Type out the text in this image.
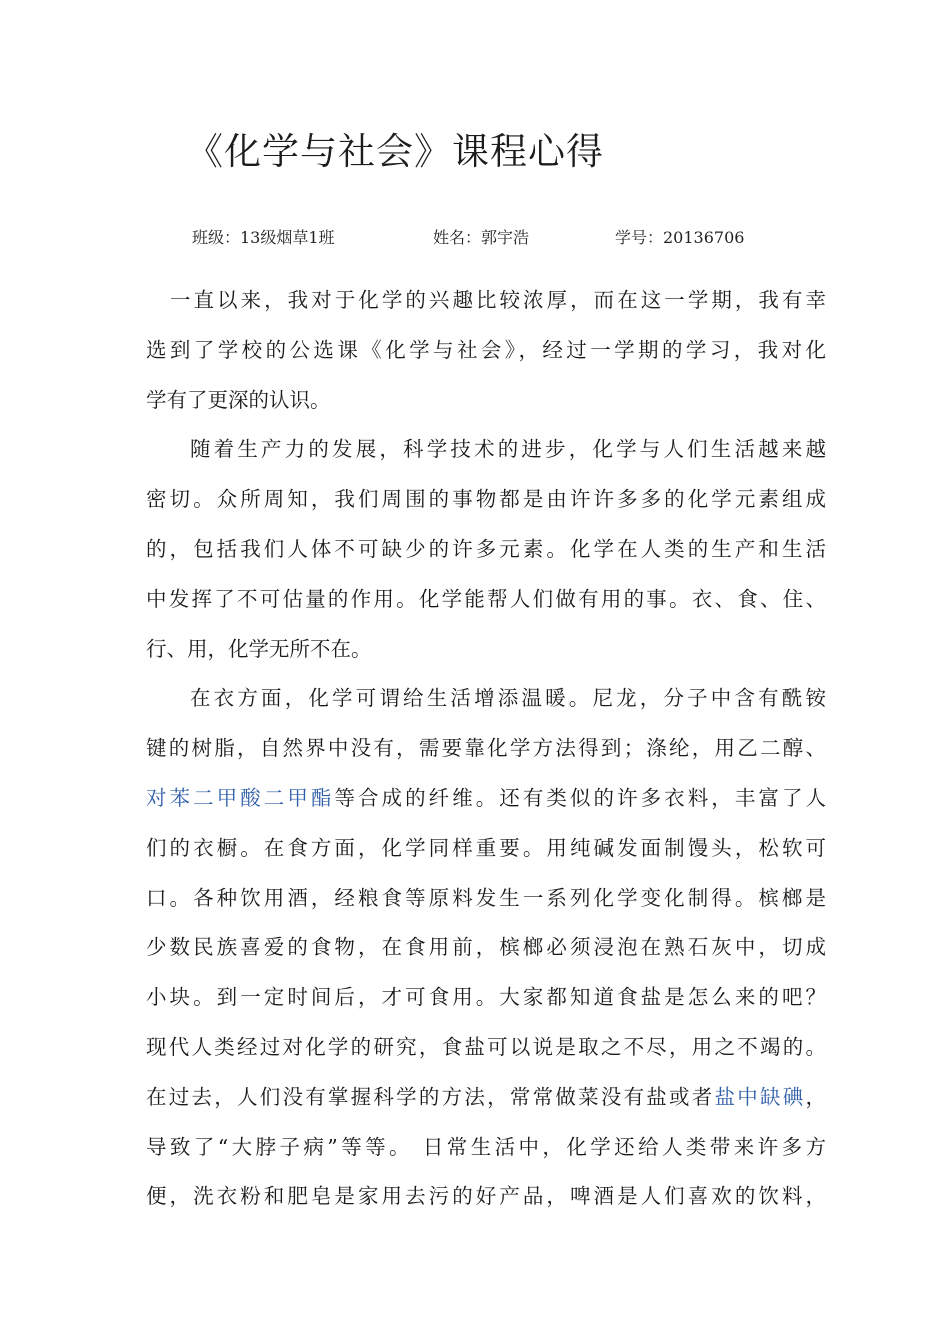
《化学与社会》课程心得
班级：13级烟草1班	姓名：郭宇浩	学号：20136706
一直以来，我对于化学的兴趣比较浓厚，而在这一学期，我有幸
选到了学校的公选课《化学与社会》，经过一学期的学习，我对化
学有了更深的认识。
随着生产力的发展，科学技术的进步，化学与人们生活越来越
密切。众所周知，我们周围的事物都是由许许多多的化学元素组成
的，包括我们人体不可缺少的许多元素。化学在人类的生产和生活
中发挥了不可估量的作用。化学能帮人们做有用的事。衣、食、住、
行、用，化学无所不在。
在衣方面，化学可谓给生活增添温暖。尼龙，分子中含有酰铵
键的树脂，自然界中没有，需要靠化学方法得到；涤纶，用乙二醇、
对苯二甲酸二甲酯等合成的纤维。还有类似的许多衣料，丰富了人
们的衣橱。在食方面，化学同样重要。用纯碱发面制馒头，松软可
口。各种饮用酒，经粮食等原料发生一系列化学变化制得。槟榔是
少数民族喜爱的食物，在食用前，槟榔必须浸泡在熟石灰中，切成
小块。到一定时间后，才可食用。大家都知道食盐是怎么来的吧？
现代人类经过对化学的研究，食盐可以说是取之不尽，用之不竭的。
在过去，人们没有掌握科学的方法，常常做菜没有盐或者盐中缺碘，
导致了“大脖子病”等等。 日常生活中，化学还给人类带来许多方
便，洗衣粉和肥皂是家用去污的好产品，啤酒是人们喜欢的饮料，
